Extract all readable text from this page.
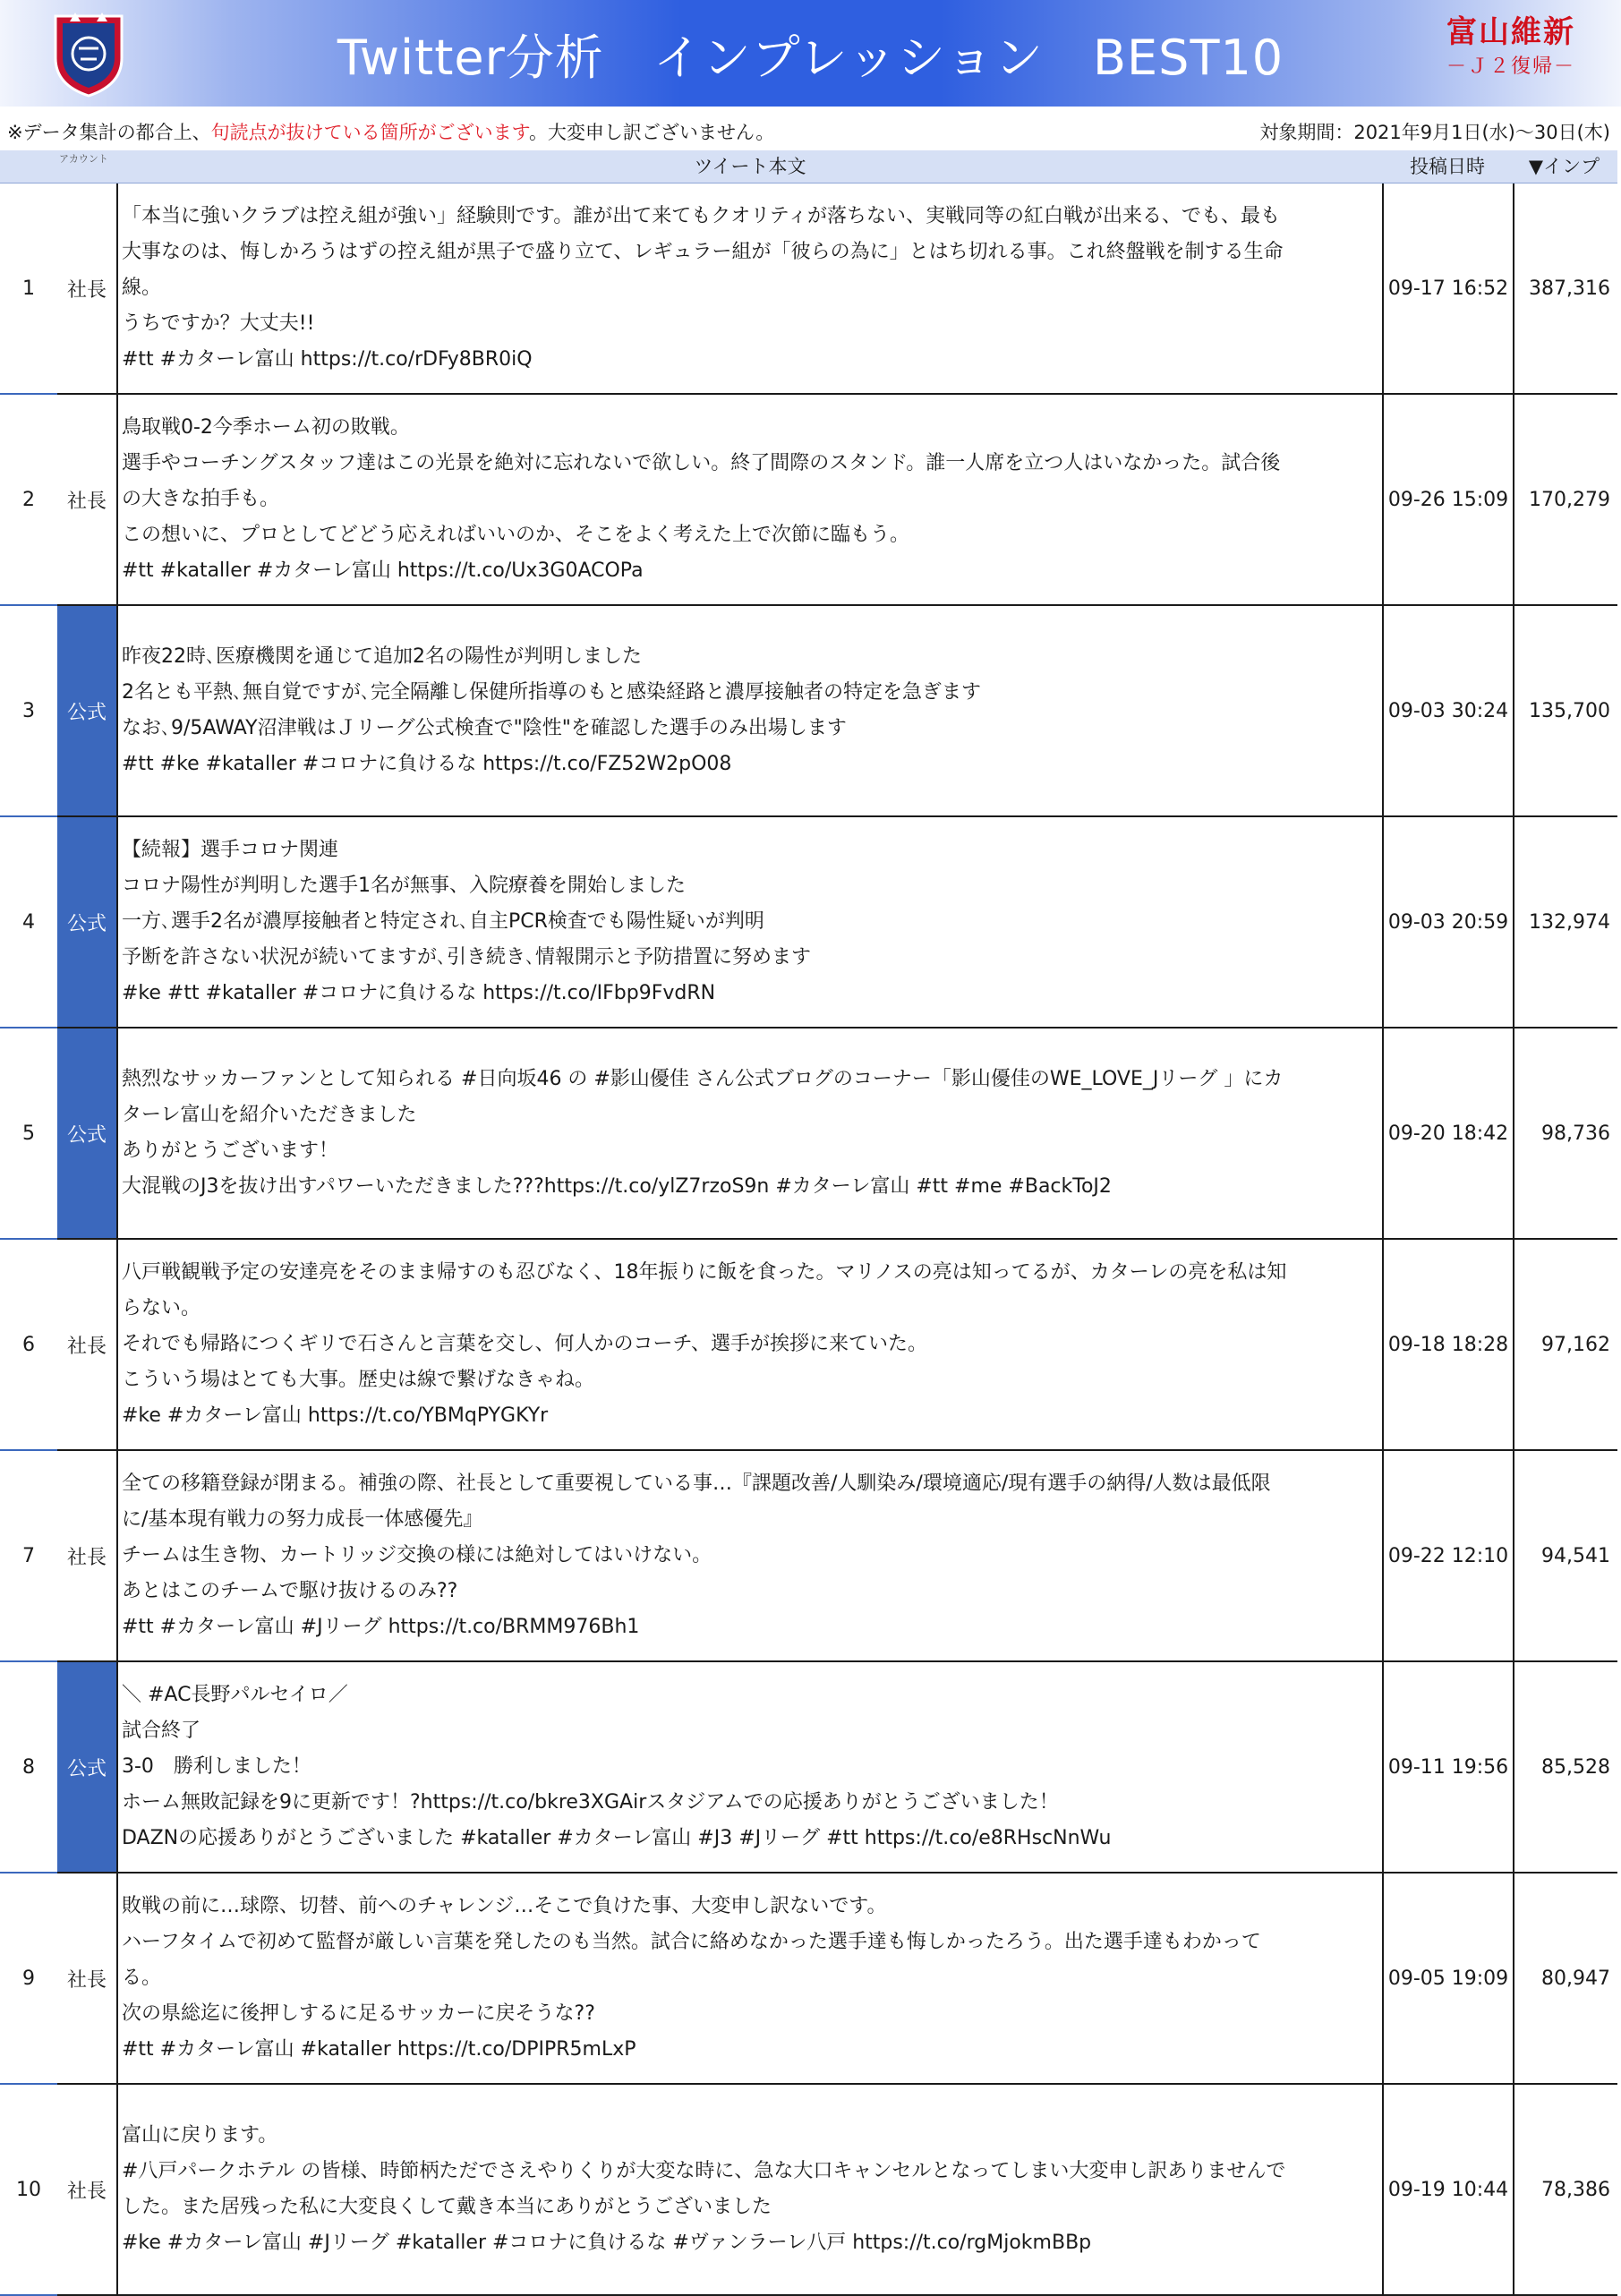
Twitter分析　インプレッション　BEST10	富山維新
－Ｊ２復帰－
※データ集計の都合上、句読点が抜けている箇所がございます。大変申し訳ございません。	対象期間：2021年9月1日(水)～30日(木)
アカウント	ツイート本文	投稿日時	▼インプ
1	社長
「本当に強いクラブは控え組が強い」経験則です。誰が出て来てもクオリティが落ちない、実戦同等の紅白戦が出来る、でも、最も
大事なのは、悔しかろうはずの控え組が黒子で盛り立て、レギュラー組が「彼らの為に」とはち切れる事。これ終盤戦を制する生命
線。
うちですか？大丈夫!!
#tt #カターレ富山 https://t.co/rDFy8BR0iQ
09-17 16:52	387,316
2	社長
鳥取戦0-2今季ホーム初の敗戦。
選手やコーチングスタッフ達はこの光景を絶対に忘れないで欲しい。終了間際のスタンド。誰一人席を立つ人はいなかった。試合後
の大きな拍手も。
この想いに、プロとしてどどう応えればいいのか、そこをよく考えた上で次節に臨もう。
#tt #kataller #カターレ富山 https://t.co/Ux3G0ACOPa
09-26 15:09	170,279
3	公式
昨夜22時､医療機関を通じて追加2名の陽性が判明しました
2名とも平熱､無自覚ですが､完全隔離し保健所指導のもと感染経路と濃厚接触者の特定を急ぎます
なお､9/5AWAY沼津戦はＪリーグ公式検査で"陰性"を確認した選手のみ出場します
#tt #ke #kataller #コロナに負けるな https://t.co/FZ52W2pO08
09-03 30:24	135,700
4	公式
【続報】選手コロナ関連
コロナ陽性が判明した選手1名が無事、入院療養を開始しました
一方､選手2名が濃厚接触者と特定され､自主PCR検査でも陽性疑いが判明
予断を許さない状況が続いてますが､引き続き､情報開示と予防措置に努めます
#ke #tt #kataller #コロナに負けるな https://t.co/IFbp9FvdRN
09-03 20:59	132,974
5	公式
熱烈なサッカーファンとして知られる #日向坂46 の #影山優佳 さん公式ブログのコーナー「影山優佳のWE_LOVE_Jリーグ 」にカ
ターレ富山を紹介いただきました
ありがとうございます！
大混戦のJ3を抜け出すパワーいただきました???https://t.co/ylZ7rzoS9n #カターレ富山 #tt #me #BackToJ2
09-20 18:42	98,736
6	社長
八戸戦観戦予定の安達亮をそのまま帰すのも忍びなく、18年振りに飯を食った。マリノスの亮は知ってるが、カターレの亮を私は知
らない。
それでも帰路につくギリで石さんと言葉を交し、何人かのコーチ、選手が挨拶に来ていた。
こういう場はとても大事。歴史は線で繋げなきゃね。
#ke #カターレ富山 https://t.co/YBMqPYGKYr
09-18 18:28	97,162
7	社長
全ての移籍登録が閉まる。補強の際、社長として重要視している事…『課題改善/人馴染み/環境適応/現有選手の納得/人数は最低限
に/基本現有戦力の努力成長一体感優先』
チームは生き物、カートリッジ交換の様には絶対してはいけない。
あとはこのチームで駆け抜けるのみ??
#tt #カターレ富山 #Jリーグ https://t.co/BRMM976Bh1
09-22 12:10	94,541
8	公式
＼ #AC長野パルセイロ／
試合終了
3-0　勝利しました！
ホーム無敗記録を9に更新です！?https://t.co/bkre3XGAirスタジアムでの応援ありがとうございました！
DAZNの応援ありがとうございました #kataller #カターレ富山 #J3 #Jリーグ #tt https://t.co/e8RHscNnWu
09-11 19:56	85,528
9	社長
敗戦の前に…球際、切替、前へのチャレンジ…そこで負けた事、大変申し訳ないです。
ハーフタイムで初めて監督が厳しい言葉を発したのも当然。試合に絡めなかった選手達も悔しかったろう。出た選手達もわかって
る。
次の県総迄に後押しするに足るサッカーに戻そうな??
#tt #カターレ富山 #kataller https://t.co/DPIPR5mLxP
09-05 19:09	80,947
10	社長
富山に戻ります。
#八戸パークホテル の皆様、時節柄ただでさえやりくりが大変な時に、急な大口キャンセルとなってしまい大変申し訳ありませんで
した。また居残った私に大変良くして戴き本当にありがとうございました
#ke #カターレ富山 #Jリーグ #kataller #コロナに負けるな #ヴァンラーレ八戸 https://t.co/rgMjokmBBp
09-19 10:44	78,386
